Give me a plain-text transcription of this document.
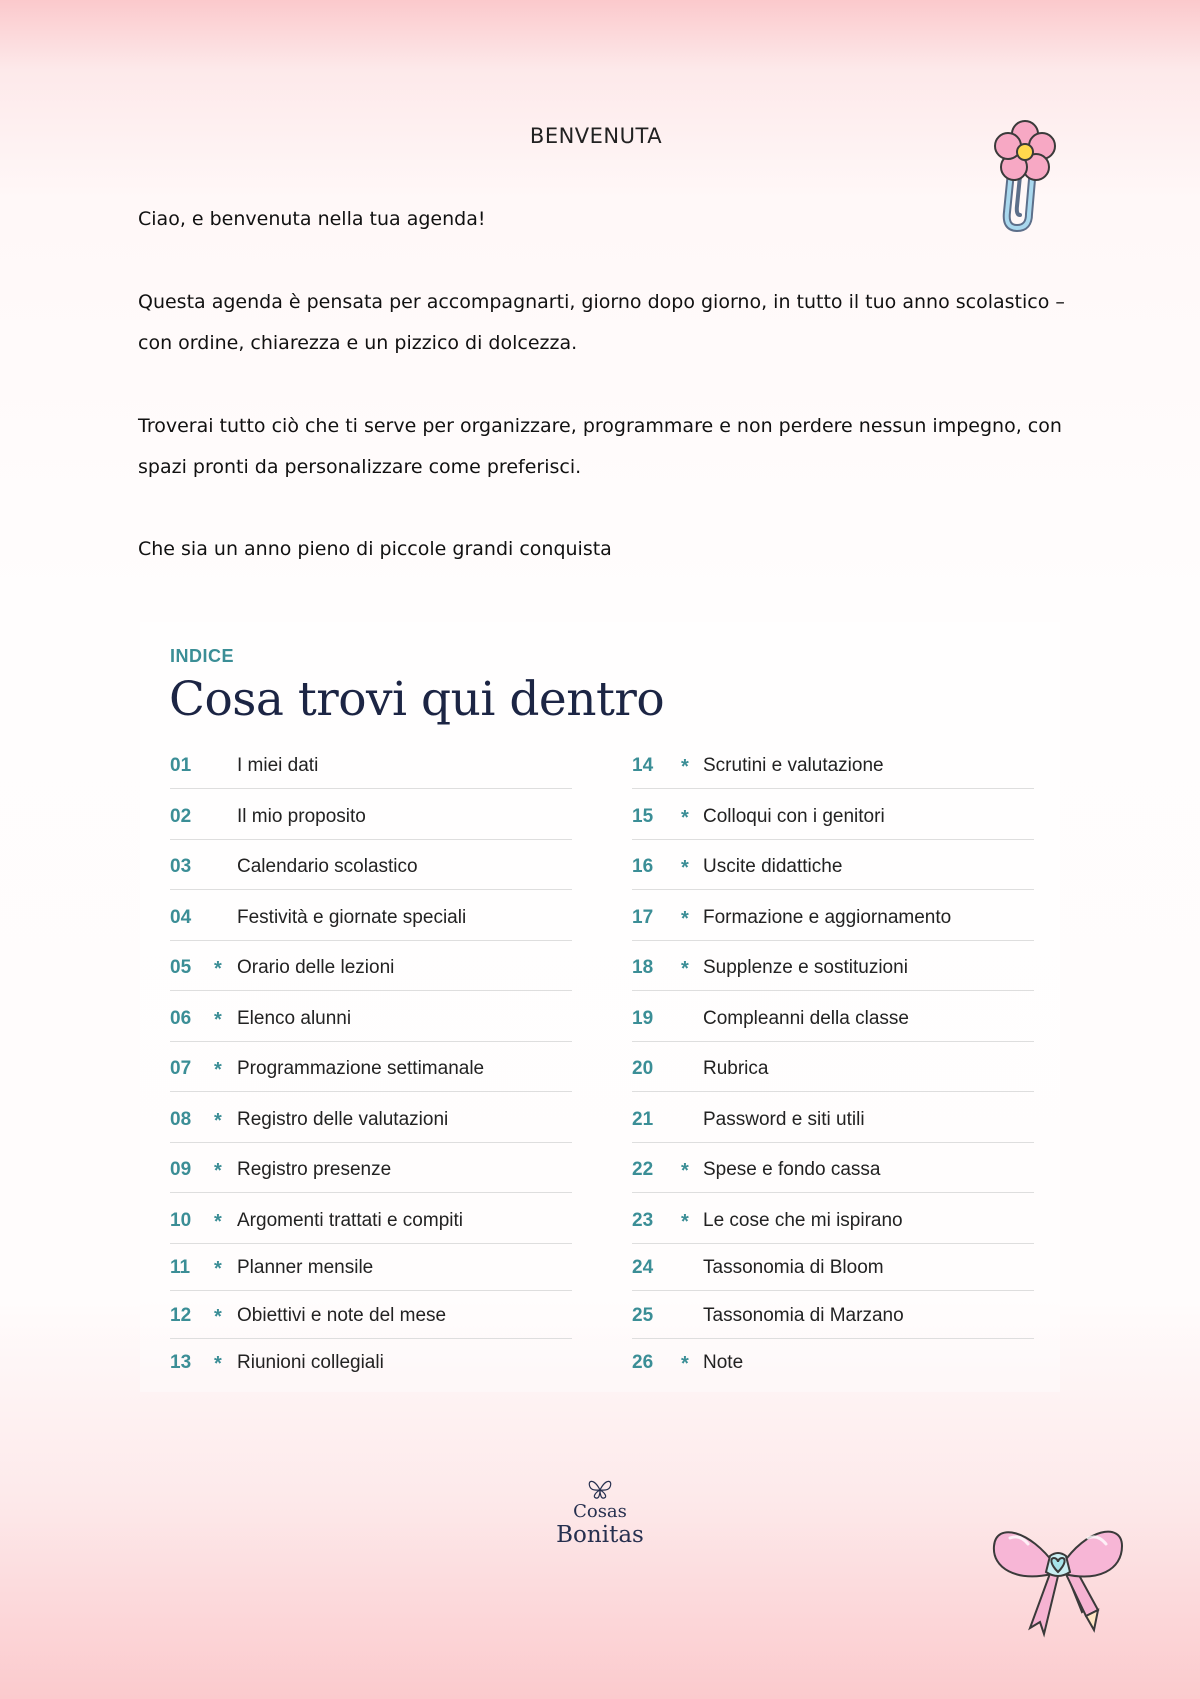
BENVENUTA
Ciao, e benvenuta nella tua agenda!
Questa agenda è pensata per accompagnarti, giorno dopo giorno, in tutto il tuo anno scolastico – con ordine, chiarezza e un pizzico di dolcezza.
Troverai tutto ciò che ti serve per organizzare, programmare e non perdere nessun impegno, con spazi pronti da personalizzare come preferisci.
Che sia un anno pieno di piccole grandi conquista
INDICE
Cosa trovi qui dentro
01 I miei dati
02 Il mio proposito
03 Calendario scolastico
04 Festività e giornate speciali
05 * Orario delle lezioni
06 * Elenco alunni
07 * Programmazione settimanale
08 * Registro delle valutazioni
09 * Registro presenze
10 * Argomenti trattati e compiti
11 * Planner mensile
12 * Obiettivi e note del mese
13 * Riunioni collegiali
14 * Scrutini e valutazione
15 * Colloqui con i genitori
16 * Uscite didattiche
17 * Formazione e aggiornamento
18 * Supplenze e sostituzioni
19	Compleanni della classe
20	Rubrica
21	Password e siti utili
22 * Spese e fondo cassa
23 * Le cose che mi ispirano
24	Tassonomia di Bloom
25	Tassonomia di Marzano
26 * Note
Cosas
Bonitas
